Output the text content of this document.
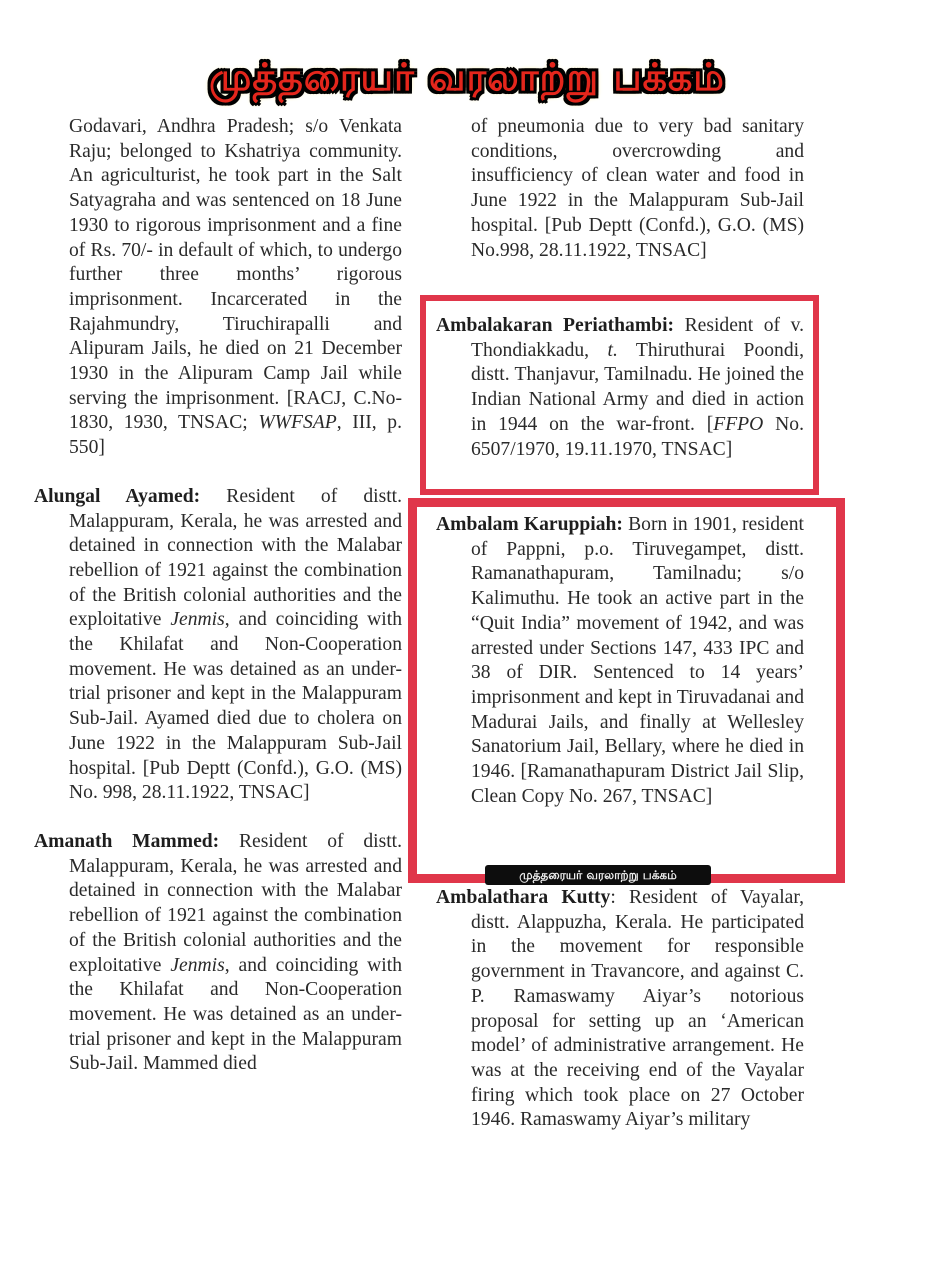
முத்தரையர் வரலாற்று பக்கம்

Godavari, Andhra Pradesh; s/o Venkata Raju; belonged to Kshatriya community. An agriculturist, he took part in the Salt Satyagraha and was sentenced on 18 June 1930 to rigorous imprisonment and a fine of Rs. 70/- in default of which, to undergo further three months’ rigorous imprisonment. Incarcerated in the Rajahmundry, Tiruchirapalli and Alipuram Jails, he died on 21 December 1930 in the Alipuram Camp Jail while serving the imprisonment. [RACJ, C.No-1830, 1930, TNSAC; WWFSAP, III, p. 550]

Alungal Ayamed: Resident of distt. Malappuram, Kerala, he was arrested and detained in connection with the Malabar rebellion of 1921 against the combination of the British colonial authorities and the exploitative Jenmis, and coinciding with the Khilafat and Non-Cooperation movement. He was detained as an under-trial prisoner and kept in the Malappuram Sub-Jail. Ayamed died due to cholera on June 1922 in the Malappuram Sub-Jail hospital. [Pub Deptt (Confd.), G.O. (MS) No. 998, 28.11.1922, TNSAC]

Amanath Mammed: Resident of distt. Malappuram, Kerala, he was arrested and detained in connection with the Malabar rebellion of 1921 against the combination of the British colonial authorities and the exploitative Jenmis, and coinciding with the Khilafat and Non-Cooperation movement. He was detained as an under-trial prisoner and kept in the Malappuram Sub-Jail. Mammed died

of pneumonia due to very bad sanitary conditions, overcrowding and insufficiency of clean water and food in June 1922 in the Malappuram Sub-Jail hospital. [Pub Deptt (Confd.), G.O. (MS) No.998, 28.11.1922, TNSAC]

Ambalakaran Periathambi: Resident of v. Thondiakkadu, t. Thiruthurai Poondi, distt. Thanjavur, Tamilnadu. He joined the Indian National Army and died in action in 1944 on the war-front. [FFPO No. 6507/1970, 19.11.1970, TNSAC]

Ambalam Karuppiah: Born in 1901, resident of Pappni, p.o. Tiruvegampet, distt. Ramanathapuram, Tamilnadu; s/o Kalimuthu. He took an active part in the “Quit India” movement of 1942, and was arrested under Sections 147, 433 IPC and 38 of DIR. Sentenced to 14 years’ imprisonment and kept in Tiruvadanai and Madurai Jails, and finally at Wellesley Sanatorium Jail, Bellary, where he died in 1946. [Ramanathapuram District Jail Slip, Clean Copy No. 267, TNSAC]

முத்தரையர் வரலாற்று பக்கம்

Ambalathara Kutty: Resident of Vayalar, distt. Alappuzha, Kerala. He participated in the movement for responsible government in Travancore, and against C. P. Ramaswamy Aiyar’s notorious proposal for setting up an ‘American model’ of administrative arrangement. He was at the receiving end of the Vayalar firing which took place on 27 October 1946. Ramaswamy Aiyar’s military
